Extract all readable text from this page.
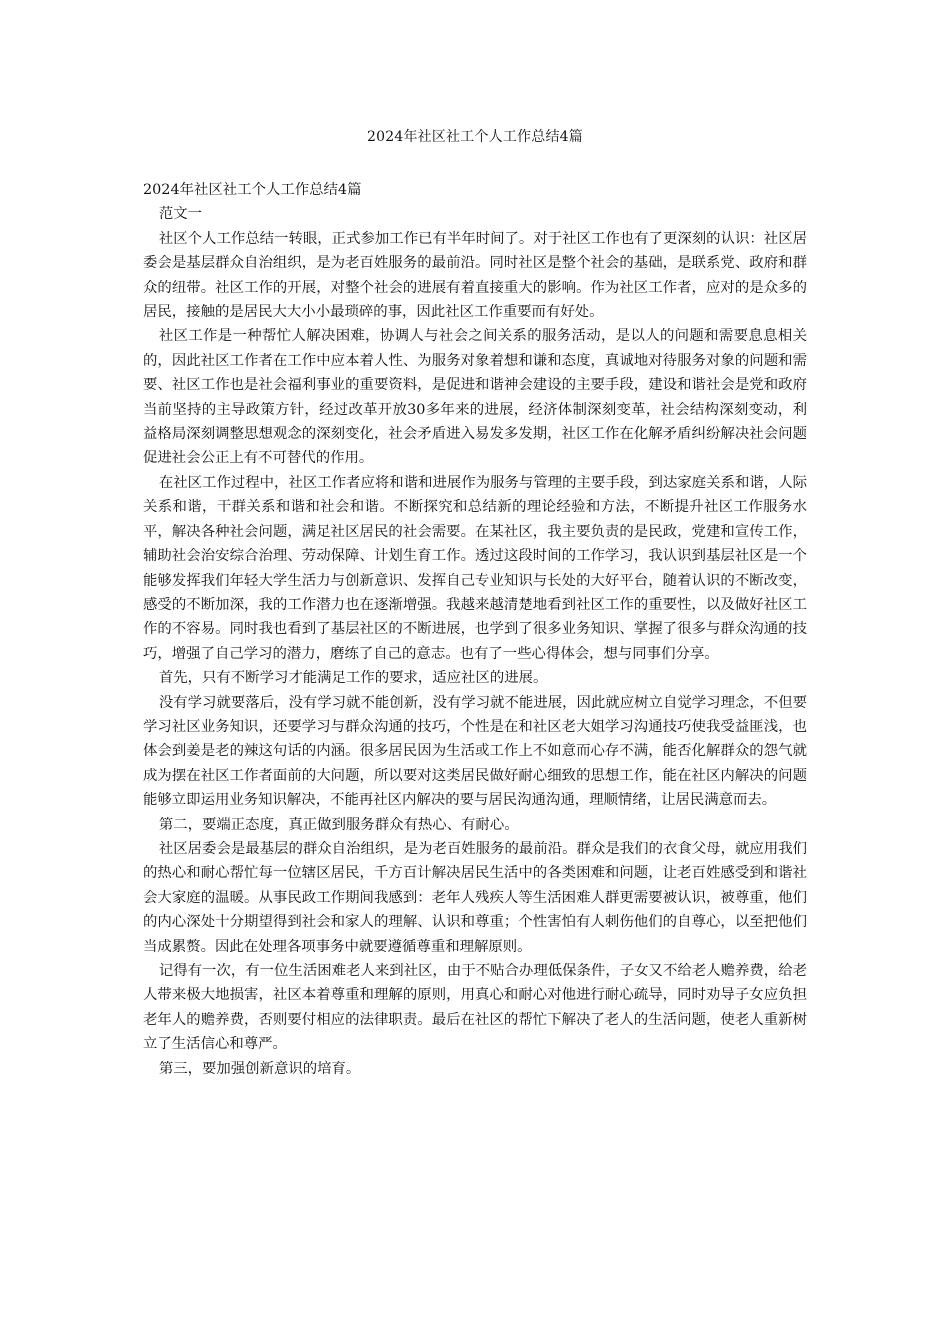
2024年社区社工个人工作总结4篇

2024年社区社工个人工作总结4篇

范文一

社区个人工作总结一转眼，正式参加工作已有半年时间了。对于社区工作也有了更深刻的认识：社区居委会是基层群众自治组织，是为老百姓服务的最前沿。同时社区是整个社会的基础，是联系党、政府和群众的纽带。社区工作的开展，对整个社会的进展有着直接重大的影响。作为社区工作者，应对的是众多的居民，接触的是居民大大小小最琐碎的事，因此社区工作重要而有好处。

社区工作是一种帮忙人解决困难，协调人与社会之间关系的服务活动，是以人的问题和需要息息相关的，因此社区工作者在工作中应本着人性、为服务对象着想和谦和态度，真诚地对待服务对象的问题和需要、社区工作也是社会福利事业的重要资料，是促进和谐神会建设的主要手段，建设和谐社会是党和政府当前坚持的主导政策方针，经过改革开放30多年来的进展，经济体制深刻变革，社会结构深刻变动，利益格局深刻调整思想观念的深刻变化，社会矛盾进入易发多发期，社区工作在化解矛盾纠纷解决社会问题促进社会公正上有不可替代的作用。

在社区工作过程中，社区工作者应将和谐和进展作为服务与管理的主要手段，到达家庭关系和谐，人际关系和谐，干群关系和谐和社会和谐。不断探究和总结新的理论经验和方法，不断提升社区工作服务水平，解决各种社会问题，满足社区居民的社会需要。在某社区，我主要负责的是民政，党建和宣传工作，辅助社会治安综合治理、劳动保障、计划生育工作。透过这段时间的工作学习，我认识到基层社区是一个能够发挥我们年轻大学生活力与创新意识、发挥自己专业知识与长处的大好平台，随着认识的不断改变，感受的不断加深，我的工作潜力也在逐渐增强。我越来越清楚地看到社区工作的重要性，以及做好社区工作的不容易。同时我也看到了基层社区的不断进展，也学到了很多业务知识、掌握了很多与群众沟通的技巧，增强了自己学习的潜力，磨练了自己的意志。也有了一些心得体会，想与同事们分享。

首先，只有不断学习才能满足工作的要求，适应社区的进展。

没有学习就要落后，没有学习就不能创新，没有学习就不能进展，因此就应树立自觉学习理念，不但要学习社区业务知识，还要学习与群众沟通的技巧，个性是在和社区老大姐学习沟通技巧使我受益匪浅，也体会到姜是老的辣这句话的内涵。很多居民因为生活或工作上不如意而心存不满，能否化解群众的怨气就成为摆在社区工作者面前的大问题，所以要对这类居民做好耐心细致的思想工作，能在社区内解决的问题能够立即运用业务知识解决，不能再社区内解决的要与居民沟通沟通，理顺情绪，让居民满意而去。

第二，要端正态度，真正做到服务群众有热心、有耐心。

社区居委会是最基层的群众自治组织，是为老百姓服务的最前沿。群众是我们的衣食父母，就应用我们的热心和耐心帮忙每一位辖区居民，千方百计解决居民生活中的各类困难和问题，让老百姓感受到和谐社会大家庭的温暖。从事民政工作期间我感到：老年人残疾人等生活困难人群更需要被认识，被尊重，他们的内心深处十分期望得到社会和家人的理解、认识和尊重；个性害怕有人刺伤他们的自尊心，以至把他们当成累赘。因此在处理各项事务中就要遵循尊重和理解原则。

记得有一次，有一位生活困难老人来到社区，由于不贴合办理低保条件，子女又不给老人赡养费，给老人带来极大地损害，社区本着尊重和理解的原则，用真心和耐心对他进行耐心疏导，同时劝导子女应负担老年人的赡养费，否则要付相应的法律职责。最后在社区的帮忙下解决了老人的生活问题，使老人重新树立了生活信心和尊严。

第三，要加强创新意识的培育。
